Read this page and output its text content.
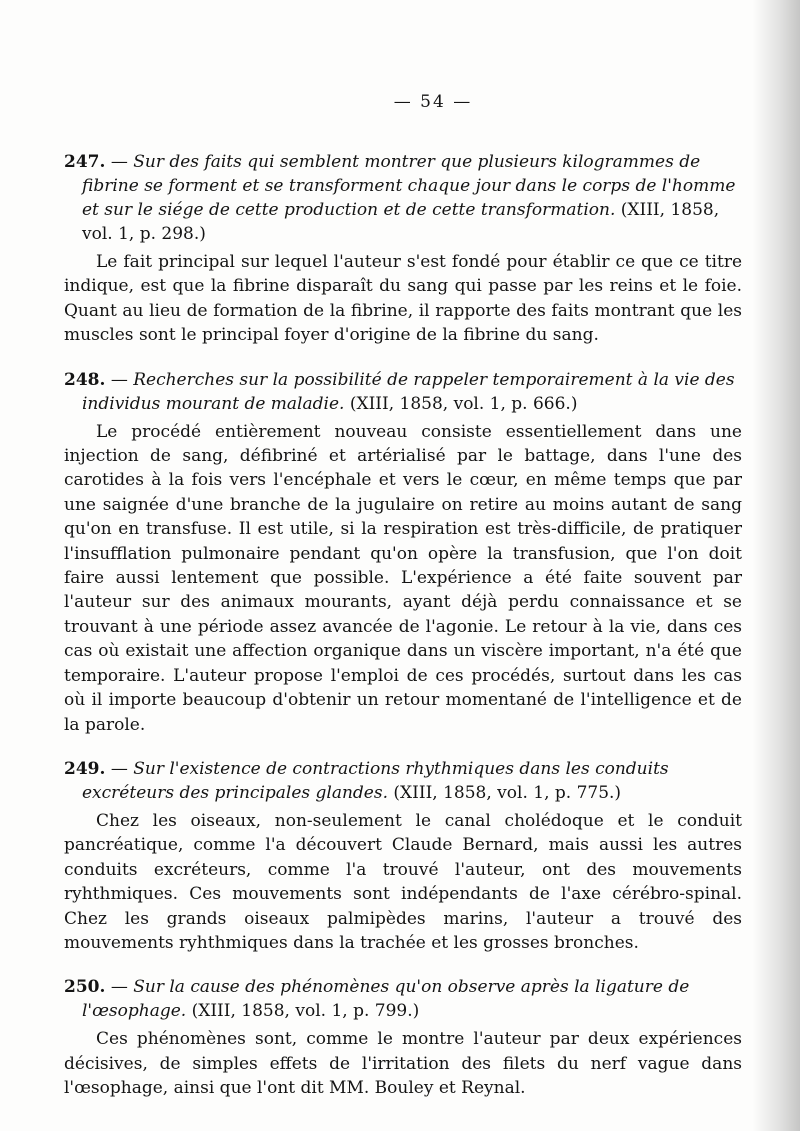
— 54 —

247. — Sur des faits qui semblent montrer que plusieurs kilogrammes de fibrine se forment et se transforment chaque jour dans le corps de l'homme et sur le siége de cette production et de cette transformation. (XIII, 1858, vol. 1, p. 298.)

Le fait principal sur lequel l'auteur s'est fondé pour établir ce que ce titre indique, est que la fibrine disparaît du sang qui passe par les reins et le foie. Quant au lieu de formation de la fibrine, il rapporte des faits montrant que les muscles sont le principal foyer d'origine de la fibrine du sang.

248. — Recherches sur la possibilité de rappeler temporairement à la vie des individus mourant de maladie. (XIII, 1858, vol. 1, p. 666.)

Le procédé entièrement nouveau consiste essentiellement dans une injection de sang, défibriné et artérialisé par le battage, dans l'une des carotides à la fois vers l'encéphale et vers le cœur, en même temps que par une saignée d'une branche de la jugulaire on retire au moins autant de sang qu'on en transfuse. Il est utile, si la respiration est très-difficile, de pratiquer l'insufflation pulmonaire pendant qu'on opère la transfusion, que l'on doit faire aussi lentement que possible. L'expérience a été faite souvent par l'auteur sur des animaux mourants, ayant déjà perdu connaissance et se trouvant à une période assez avancée de l'agonie. Le retour à la vie, dans ces cas où existait une affection organique dans un viscère important, n'a été que temporaire. L'auteur propose l'emploi de ces procédés, surtout dans les cas où il importe beaucoup d'obtenir un retour momentané de l'intelligence et de la parole.

249. — Sur l'existence de contractions rhythmiques dans les conduits excréteurs des principales glandes. (XIII, 1858, vol. 1, p. 775.)

Chez les oiseaux, non-seulement le canal cholédoque et le conduit pancréatique, comme l'a découvert Claude Bernard, mais aussi les autres conduits excréteurs, comme l'a trouvé l'auteur, ont des mouvements ryhthmiques. Ces mouvements sont indépendants de l'axe cérébro-spinal. Chez les grands oiseaux palmipèdes marins, l'auteur a trouvé des mouvements ryhthmiques dans la trachée et les grosses bronches.

250. — Sur la cause des phénomènes qu'on observe après la ligature de l'œsophage. (XIII, 1858, vol. 1, p. 799.)

Ces phénomènes sont, comme le montre l'auteur par deux expériences décisives, de simples effets de l'irritation des filets du nerf vague dans l'œsophage, ainsi que l'ont dit MM. Bouley et Reynal.
